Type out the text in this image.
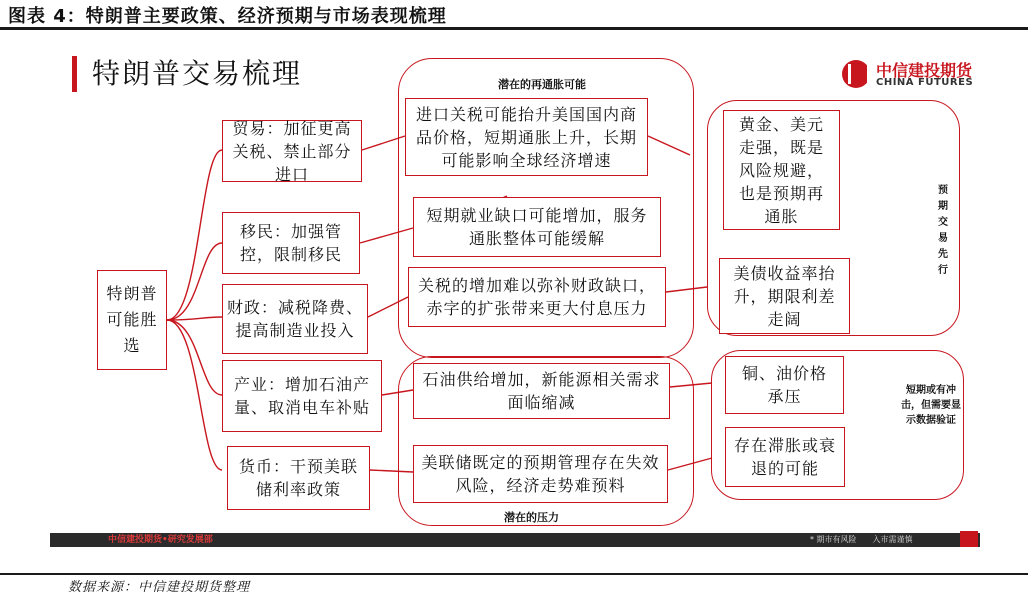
图表 4：特朗普主要政策、经济预期与市场表现梳理
特朗普交易梳理	中信建投期货
CHINA FUTURES
潜在的再通胀可能
潜在的压力
特朗普可能胜选
贸易：加征更高关税、禁止部分进口
移民：加强管控，限制移民
财政：减税降费、提高制造业投入
产业：增加石油产量、取消电车补贴
货币：干预美联储利率政策
进口关税可能抬升美国国内商品价格，短期通胀上升，长期可能影响全球经济增速
短期就业缺口可能增加，服务通胀整体可能缓解
关税的增加难以弥补财政缺口，赤字的扩张带来更大付息压力
石油供给增加，新能源相关需求面临缩减
美联储既定的预期管理存在失效风险，经济走势难预料
黄金、美元走强，既是风险规避，也是预期再通胀
美债收益率抬升，期限利差走阔
铜、油价格承压
存在滞胀或衰退的可能
预期交易先行
短期或有冲击，但需要显示数据验证
中信建投期货•研究发展部	* 期市有风险　　入市需谨慎
数据来源：中信建投期货整理
